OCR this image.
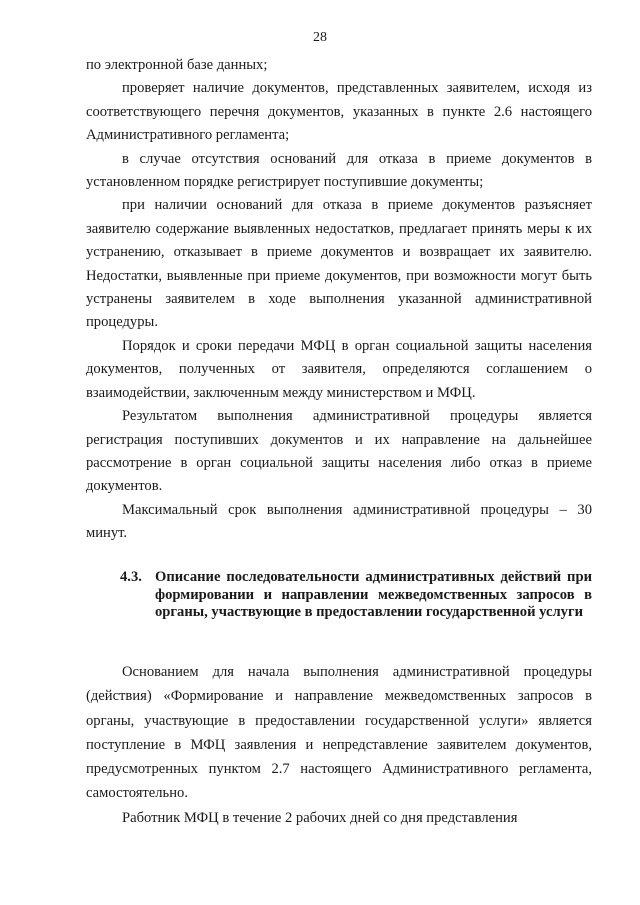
28

по электронной базе данных;

проверяет наличие документов, представленных заявителем, исходя из соответствующего перечня документов, указанных в пункте 2.6 настоящего Административного регламента;

в случае отсутствия оснований для отказа в приеме документов в установленном порядке регистрирует поступившие документы;

при наличии оснований для отказа в приеме документов разъясняет заявителю содержание выявленных недостатков, предлагает принять меры к их устранению, отказывает в приеме документов и возвращает их заявителю. Недостатки, выявленные при приеме документов, при возможности могут быть устранены заявителем в ходе выполнения указанной административной процедуры.

Порядок и сроки передачи МФЦ в орган социальной защиты населения документов, полученных от заявителя, определяются соглашением о взаимодействии, заключенным между министерством и МФЦ.

Результатом выполнения административной процедуры является регистрация поступивших документов и их направление на дальнейшее рассмотрение в орган социальной защиты населения либо отказ в приеме документов.

Максимальный срок выполнения административной процедуры – 30 минут.

4.3. Описание последовательности административных действий при формировании и направлении межведомственных запросов в органы, участвующие в предоставлении государственной услуги

Основанием для начала выполнения административной процедуры (действия) «Формирование и направление межведомственных запросов в органы, участвующие в предоставлении государственной услуги» является поступление в МФЦ заявления и непредставление заявителем документов, предусмотренных пунктом 2.7 настоящего Административного регламента, самостоятельно.

Работник МФЦ в течение 2 рабочих дней со дня представления
